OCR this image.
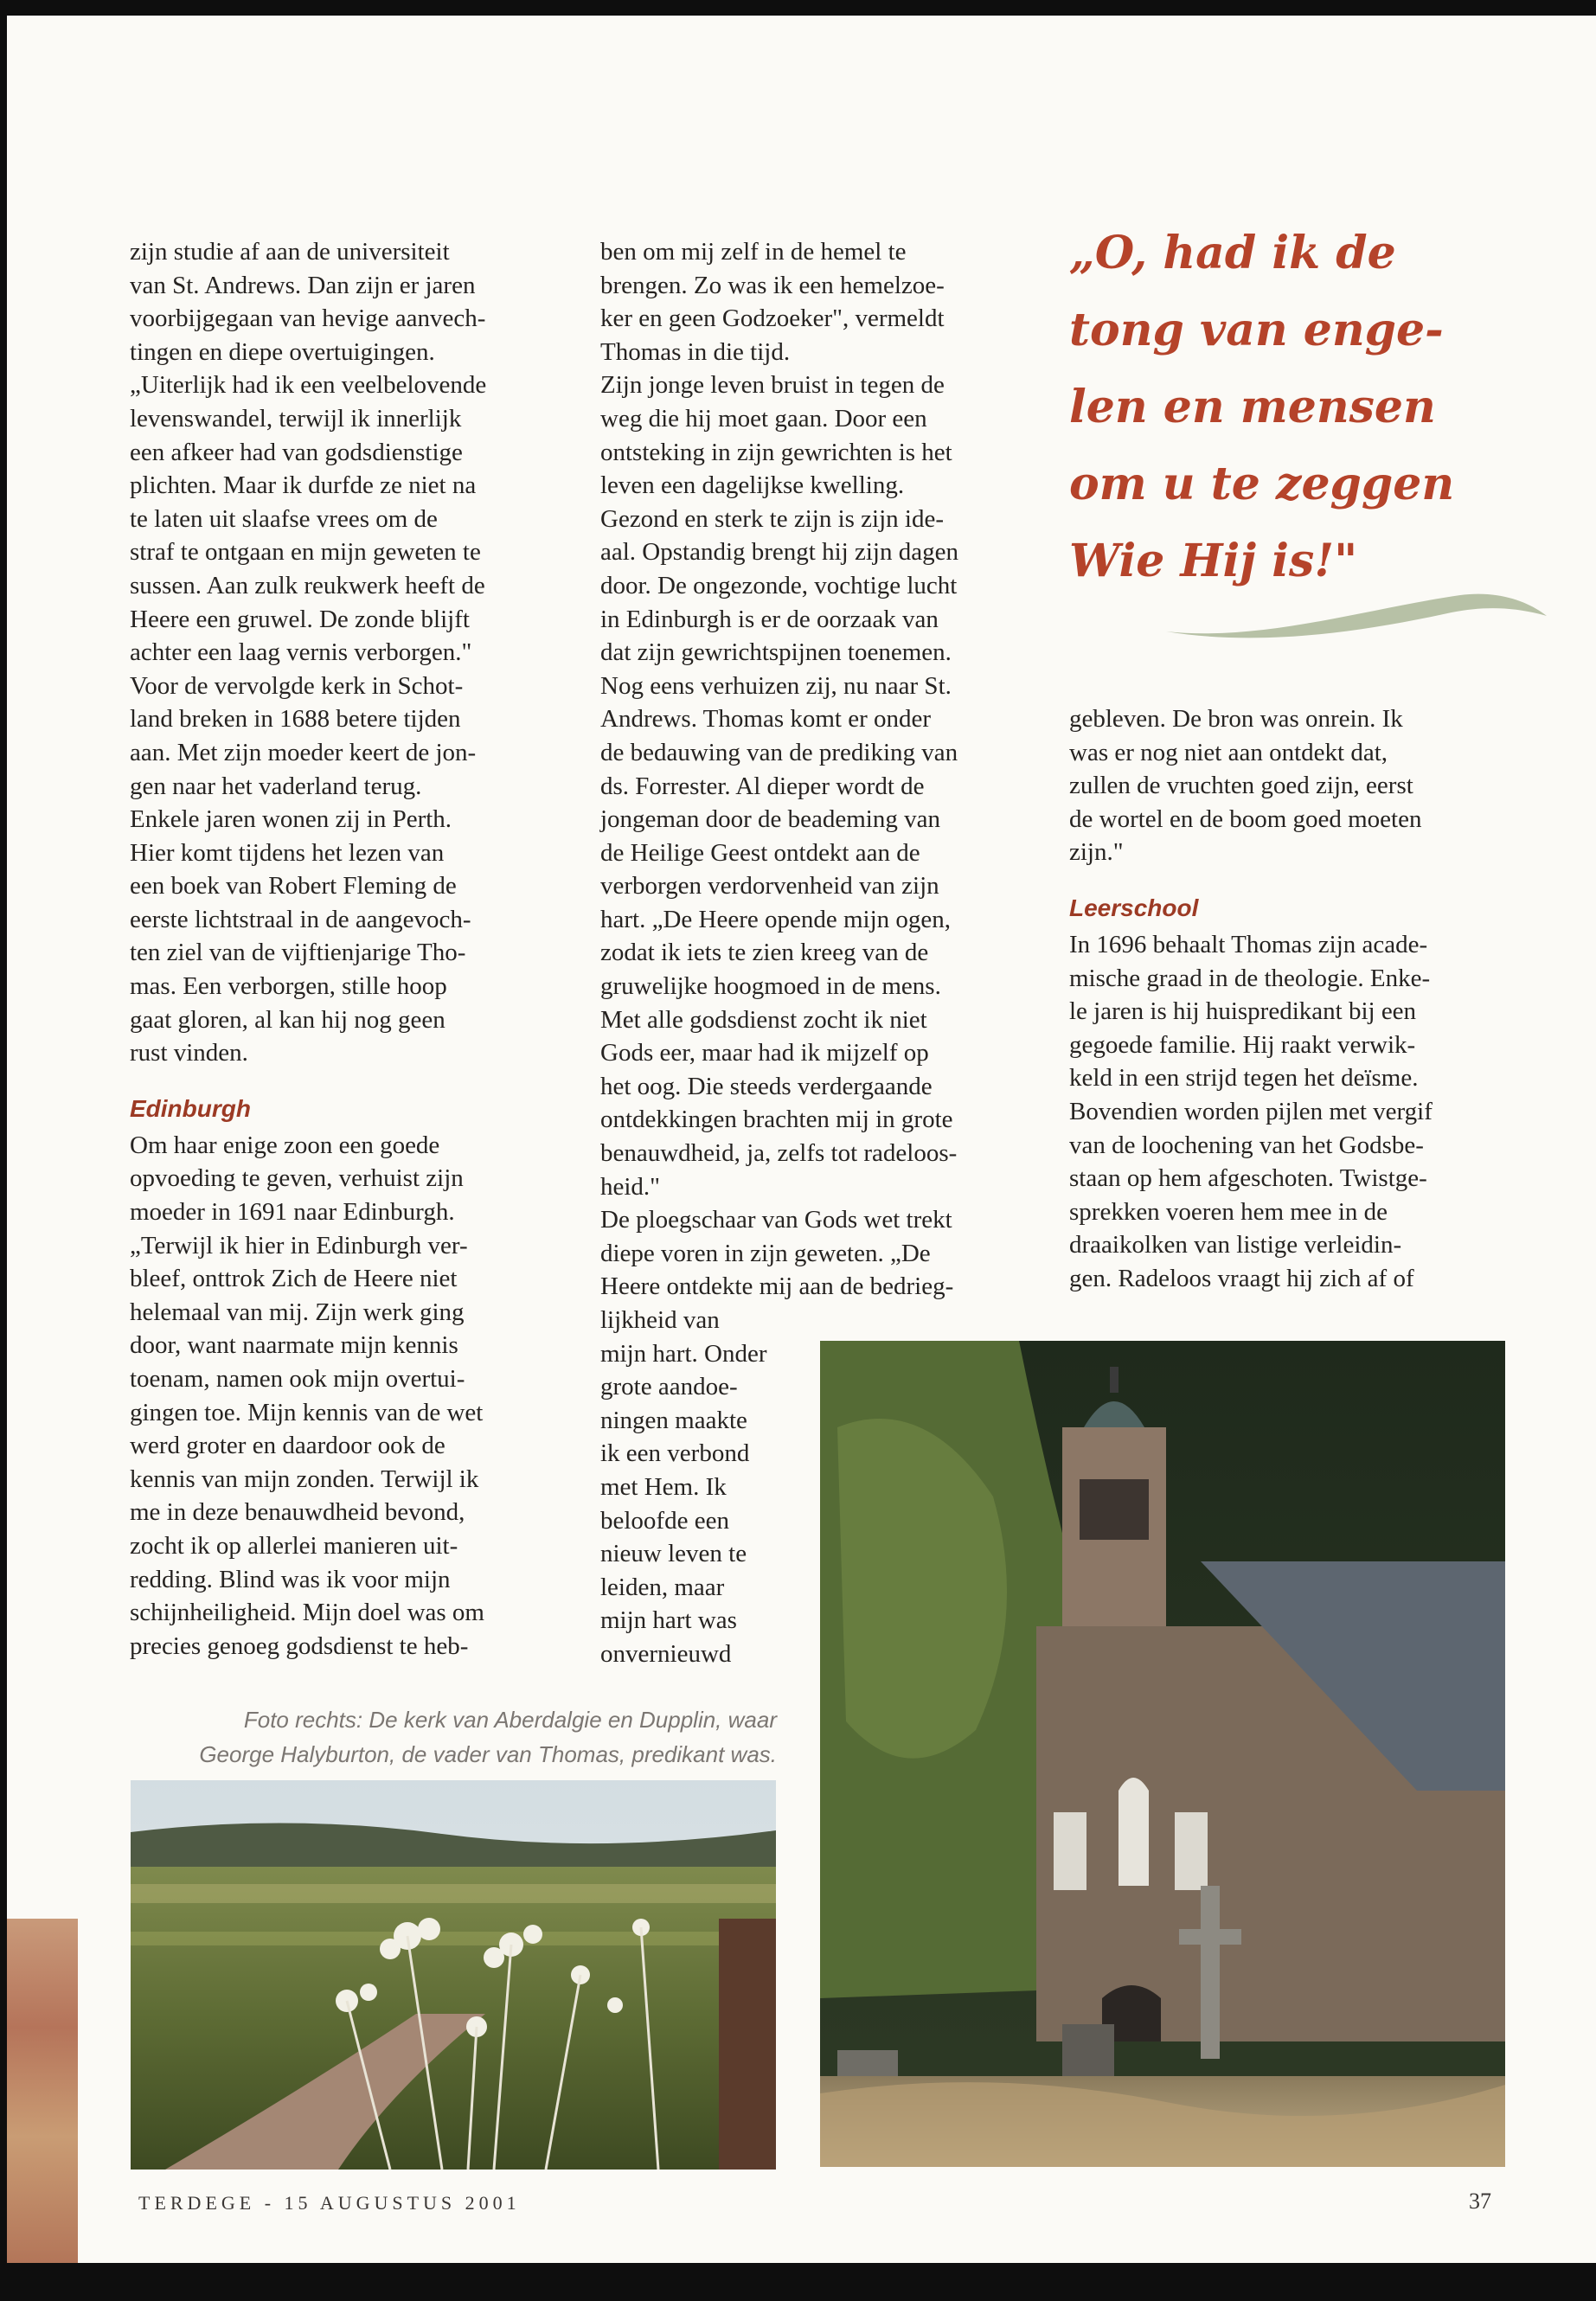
zijn studie af aan de universiteit
van St. Andrews. Dan zijn er jaren
voorbijgegaan van hevige aanvech-
tingen en diepe overtuigingen.
„Uiterlijk had ik een veelbelovende
levenswandel, terwijl ik innerlijk
een afkeer had van godsdienstige
plichten. Maar ik durfde ze niet na
te laten uit slaafse vrees om de
straf te ontgaan en mijn geweten te
sussen. Aan zulk reukwerk heeft de
Heere een gruwel. De zonde blijft
achter een laag vernis verborgen."
Voor de vervolgde kerk in Schot-
land breken in 1688 betere tijden
aan. Met zijn moeder keert de jon-
gen naar het vaderland terug.
Enkele jaren wonen zij in Perth.
Hier komt tijdens het lezen van
een boek van Robert Fleming de
eerste lichtstraal in de aangevoch-
ten ziel van de vijftienjarige Tho-
mas. Een verborgen, stille hoop
gaat gloren, al kan hij nog geen
rust vinden.

Edinburgh

Om haar enige zoon een goede
opvoeding te geven, verhuist zijn
moeder in 1691 naar Edinburgh.
„Terwijl ik hier in Edinburgh ver-
bleef, onttrok Zich de Heere niet
helemaal van mij. Zijn werk ging
door, want naarmate mijn kennis
toenam, namen ook mijn overtui-
gingen toe. Mijn kennis van de wet
werd groter en daardoor ook de
kennis van mijn zonden. Terwijl ik
me in deze benauwdheid bevond,
zocht ik op allerlei manieren uit-
redding. Blind was ik voor mijn
schijnheiligheid. Mijn doel was om
precies genoeg godsdienst te heb-

ben om mij zelf in de hemel te
brengen. Zo was ik een hemelzoe-
ker en geen Godzoeker", vermeldt
Thomas in die tijd.
Zijn jonge leven bruist in tegen de
weg die hij moet gaan. Door een
ontsteking in zijn gewrichten is het
leven een dagelijkse kwelling.
Gezond en sterk te zijn is zijn ide-
aal. Opstandig brengt hij zijn dagen
door. De ongezonde, vochtige lucht
in Edinburgh is er de oorzaak van
dat zijn gewrichtspijnen toenemen.
Nog eens verhuizen zij, nu naar St.
Andrews. Thomas komt er onder
de bedauwing van de prediking van
ds. Forrester. Al dieper wordt de
jongeman door de beademing van
de Heilige Geest ontdekt aan de
verborgen verdorvenheid van zijn
hart. „De Heere opende mijn ogen,
zodat ik iets te zien kreeg van de
gruwelijke hoogmoed in de mens.
Met alle godsdienst zocht ik niet
Gods eer, maar had ik mijzelf op
het oog. Die steeds verdergaande
ontdekkingen brachten mij in grote
benauwdheid, ja, zelfs tot radeloos-
heid."
De ploegschaar van Gods wet trekt
diepe voren in zijn geweten. „De
Heere ontdekte mij aan de bedrieg-
lijkheid van
mijn hart. Onder
grote aandoe-
ningen maakte
ik een verbond
met Hem. Ik
beloofde een
nieuw leven te
leiden, maar
mijn hart was
onvernieuwd

„O, had ik de
tong van enge-
len en mensen
om u te zeggen
Wie Hij is!"

gebleven. De bron was onrein. Ik
was er nog niet aan ontdekt dat,
zullen de vruchten goed zijn, eerst
de wortel en de boom goed moeten
zijn."

Leerschool

In 1696 behaalt Thomas zijn acade-
mische graad in de theologie. Enke-
le jaren is hij huispredikant bij een
gegoede familie. Hij raakt verwik-
keld in een strijd tegen het deïsme.
Bovendien worden pijlen met vergif
van de loochening van het Godsbe-
staan op hem afgeschoten. Twistge-
sprekken voeren hem mee in de
draaikolken van listige verleidin-
gen. Radeloos vraagt hij zich af of

Foto rechts: De kerk van Aberdalgie en Dupplin, waar
George Halyburton, de vader van Thomas, predikant was.
TERDEGE - 15 AUGUSTUS 2001	37
